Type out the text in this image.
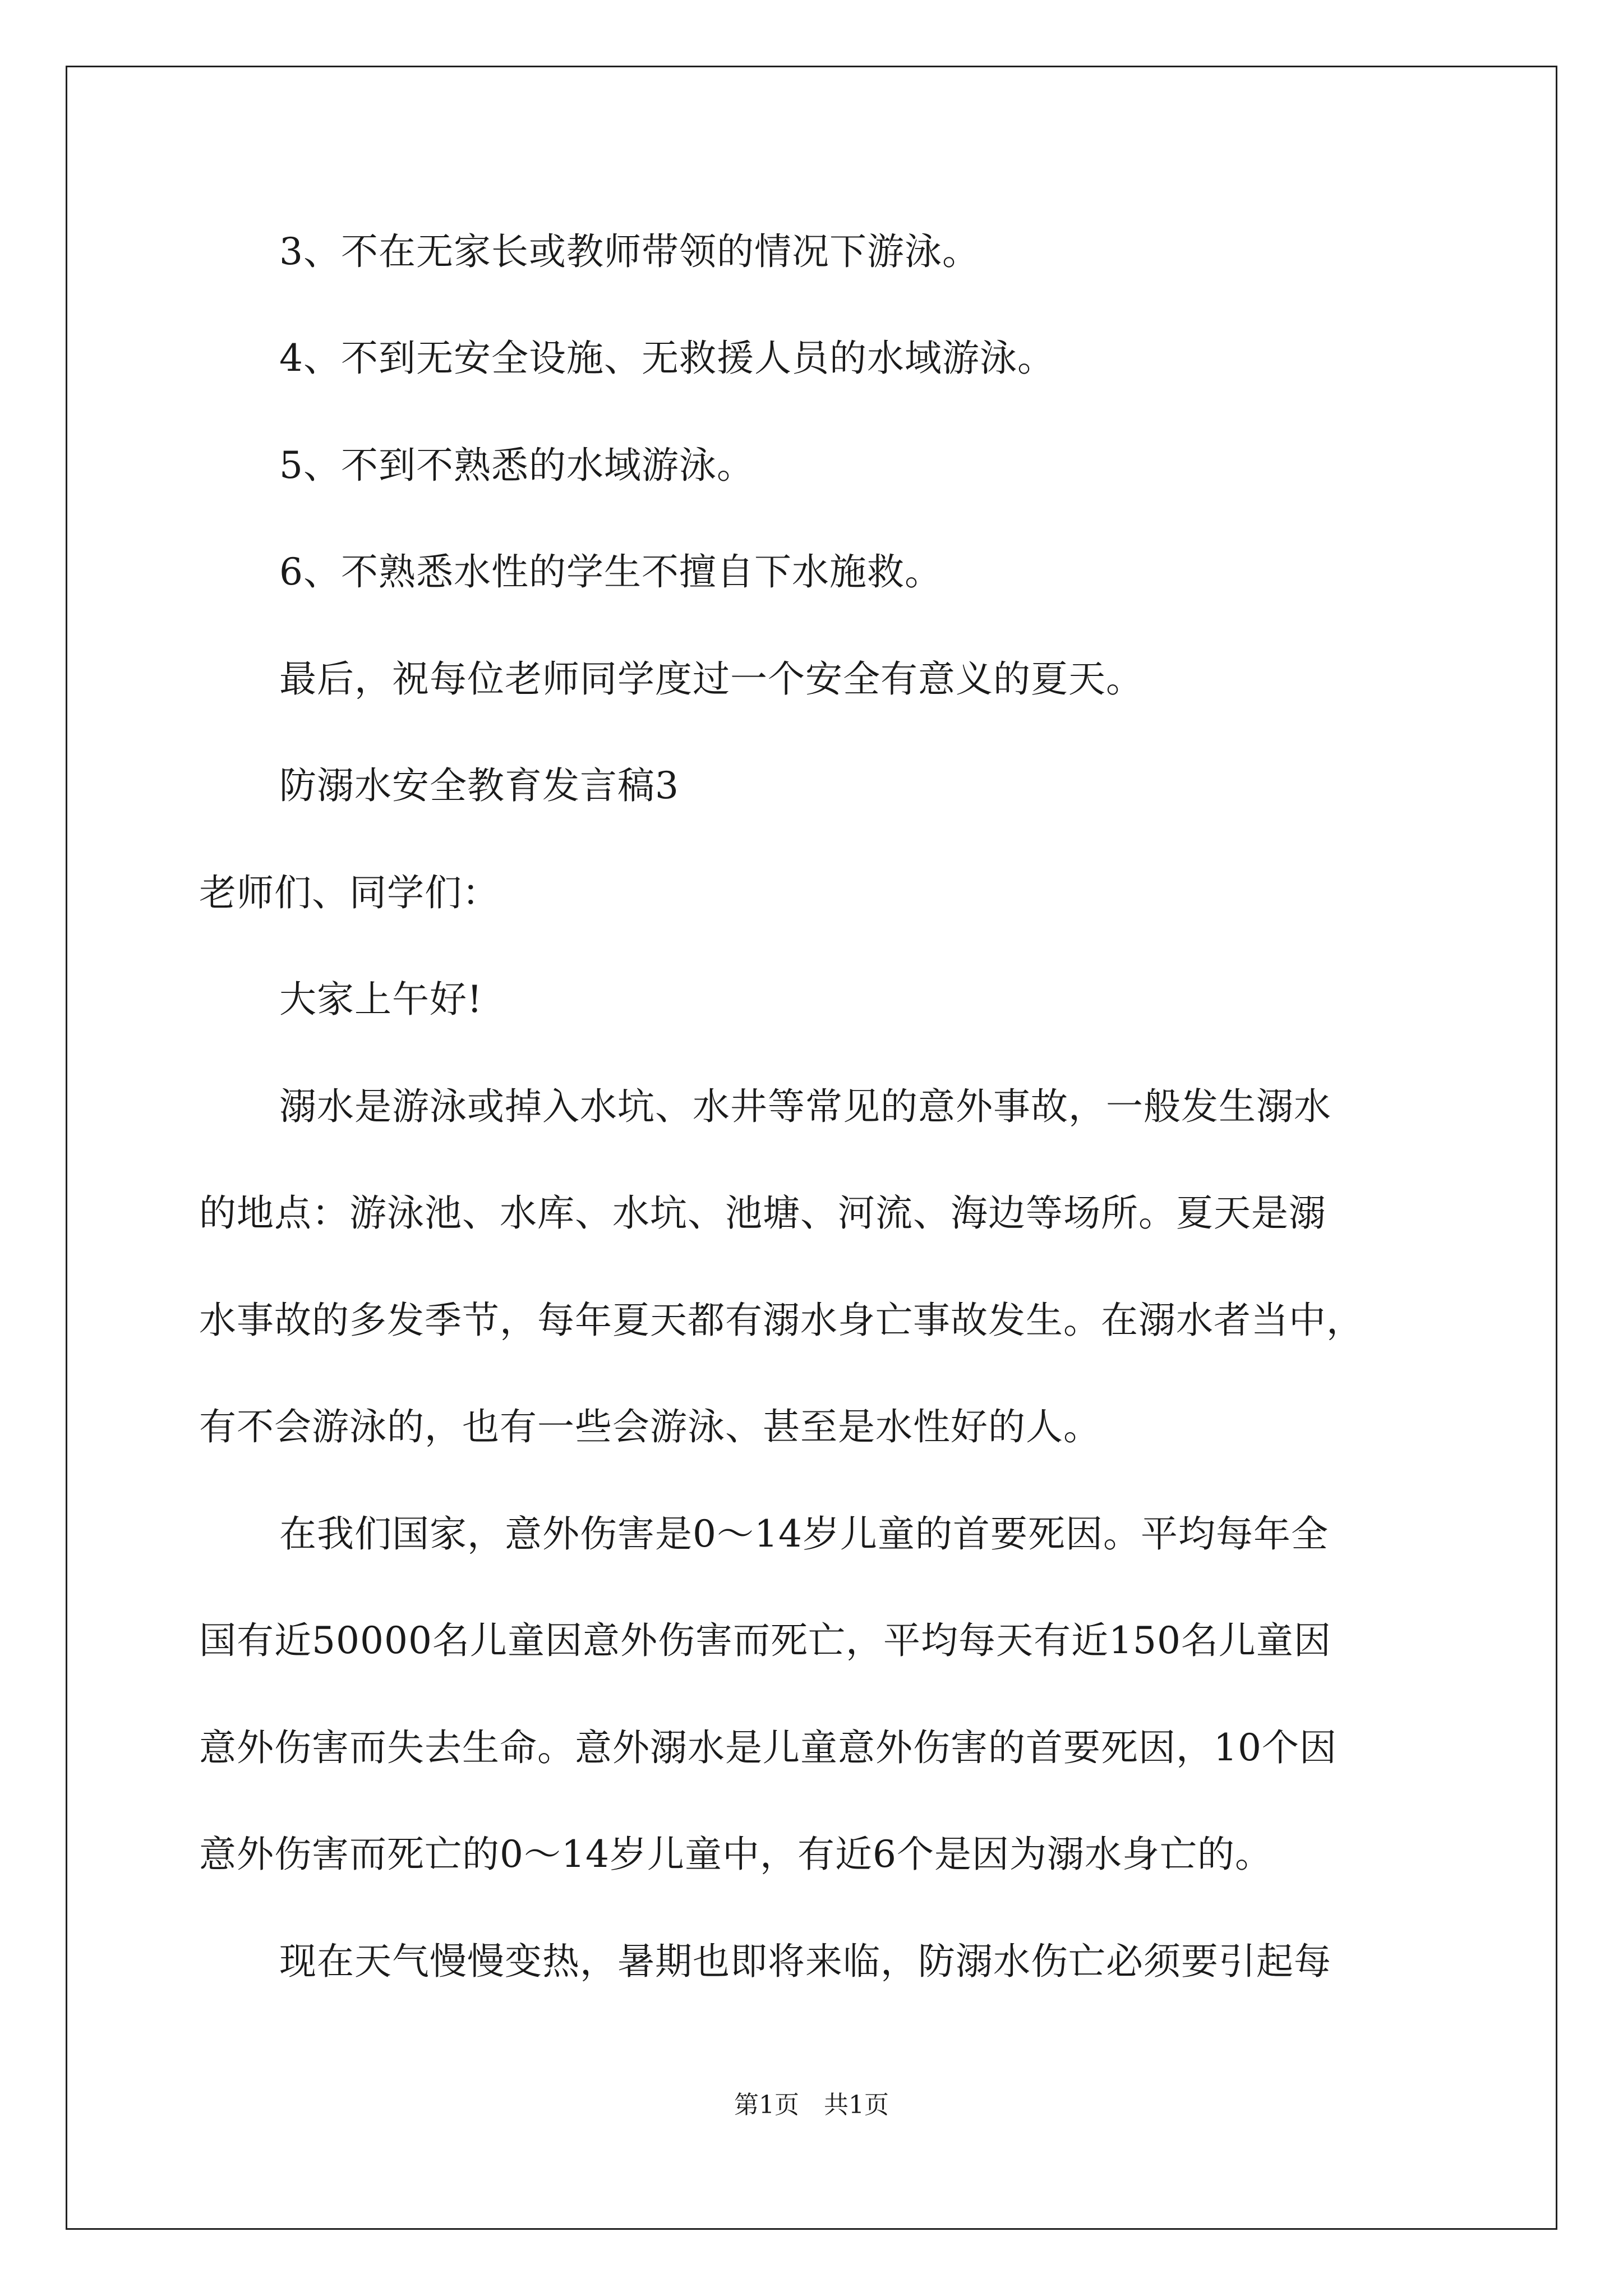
3、不在无家长或教师带领的情况下游泳。
4、不到无安全设施、无救援人员的水域游泳。
5、不到不熟悉的水域游泳。
6、不熟悉水性的学生不擅自下水施救。
最后，祝每位老师同学度过一个安全有意义的夏天。
防溺水安全教育发言稿3
老师们、同学们：
大家上午好!
溺水是游泳或掉入水坑、水井等常见的意外事故，一般发生溺水
的地点：游泳池、水库、水坑、池塘、河流、海边等场所。夏天是溺
水事故的多发季节，每年夏天都有溺水身亡事故发生。在溺水者当中，
有不会游泳的，也有一些会游泳、甚至是水性好的人。
在我们国家，意外伤害是0～14岁儿童的首要死因。平均每年全
国有近50000名儿童因意外伤害而死亡，平均每天有近150名儿童因
意外伤害而失去生命。意外溺水是儿童意外伤害的首要死因，10个因
意外伤害而死亡的0～14岁儿童中，有近6个是因为溺水身亡的。
现在天气慢慢变热，暑期也即将来临，防溺水伤亡必须要引起每
第1页　共1页
